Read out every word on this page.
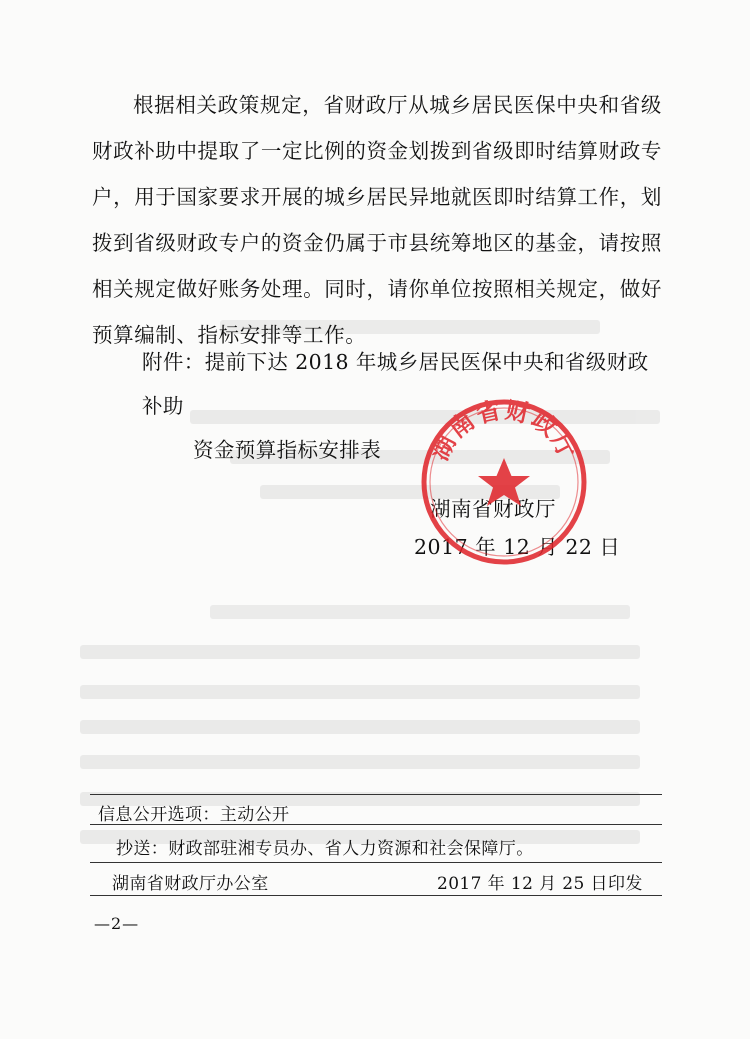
根据相关政策规定，省财政厅从城乡居民医保中央和省级财政补助中提取了一定比例的资金划拨到省级即时结算财政专户，用于国家要求开展的城乡居民异地就医即时结算工作，划拨到省级财政专户的资金仍属于市县统筹地区的基金，请按照相关规定做好账务处理。同时，请你单位按照相关规定，做好预算编制、指标安排等工作。

附件：提前下达 2018 年城乡居民医保中央和省级财政补助
资金预算指标安排表
湖南省财政厅
2017 年 12 月 22 日
湖南省财政厅
信息公开选项：主动公开
抄送：财政部驻湘专员办、省人力资源和社会保障厅。
湖南省财政厅办公室	2017 年 12 月 25 日印发
—2—
